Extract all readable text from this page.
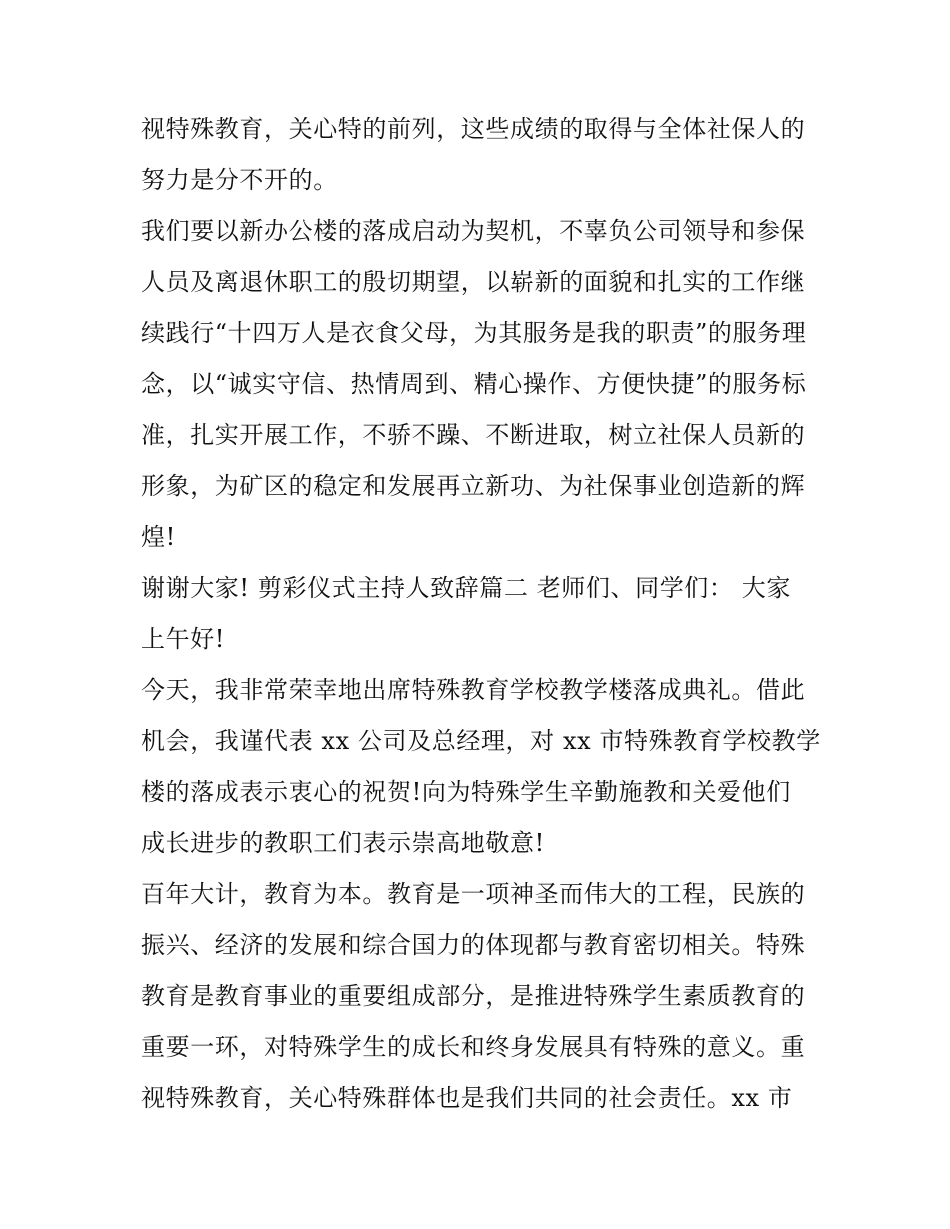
视特殊教育，关心特的前列，这些成绩的取得与全体社保人的
努力是分不开的。
我们要以新办公楼的落成启动为契机，不辜负公司领导和参保
人员及离退休职工的殷切期望，以崭新的面貌和扎实的工作继
续践行“十四万人是衣食父母，为其服务是我的职责”的服务理
念，以“诚实守信、热情周到、精心操作、方便快捷”的服务标
准，扎实开展工作，不骄不躁、不断进取，树立社保人员新的
形象，为矿区的稳定和发展再立新功、为社保事业创造新的辉
煌!
谢谢大家! 剪彩仪式主持人致辞篇二 老师们、同学们： 大家
上午好!
今天，我非常荣幸地出席特殊教育学校教学楼落成典礼。借此
机会，我谨代表 xx 公司及总经理，对 xx 市特殊教育学校教学
楼的落成表示衷心的祝贺!向为特殊学生辛勤施教和关爱他们
成长进步的教职工们表示崇高地敬意!
百年大计，教育为本。教育是一项神圣而伟大的工程，民族的
振兴、经济的发展和综合国力的体现都与教育密切相关。特殊
教育是教育事业的重要组成部分，是推进特殊学生素质教育的
重要一环，对特殊学生的成长和终身发展具有特殊的意义。重
视特殊教育，关心特殊群体也是我们共同的社会责任。xx 市
